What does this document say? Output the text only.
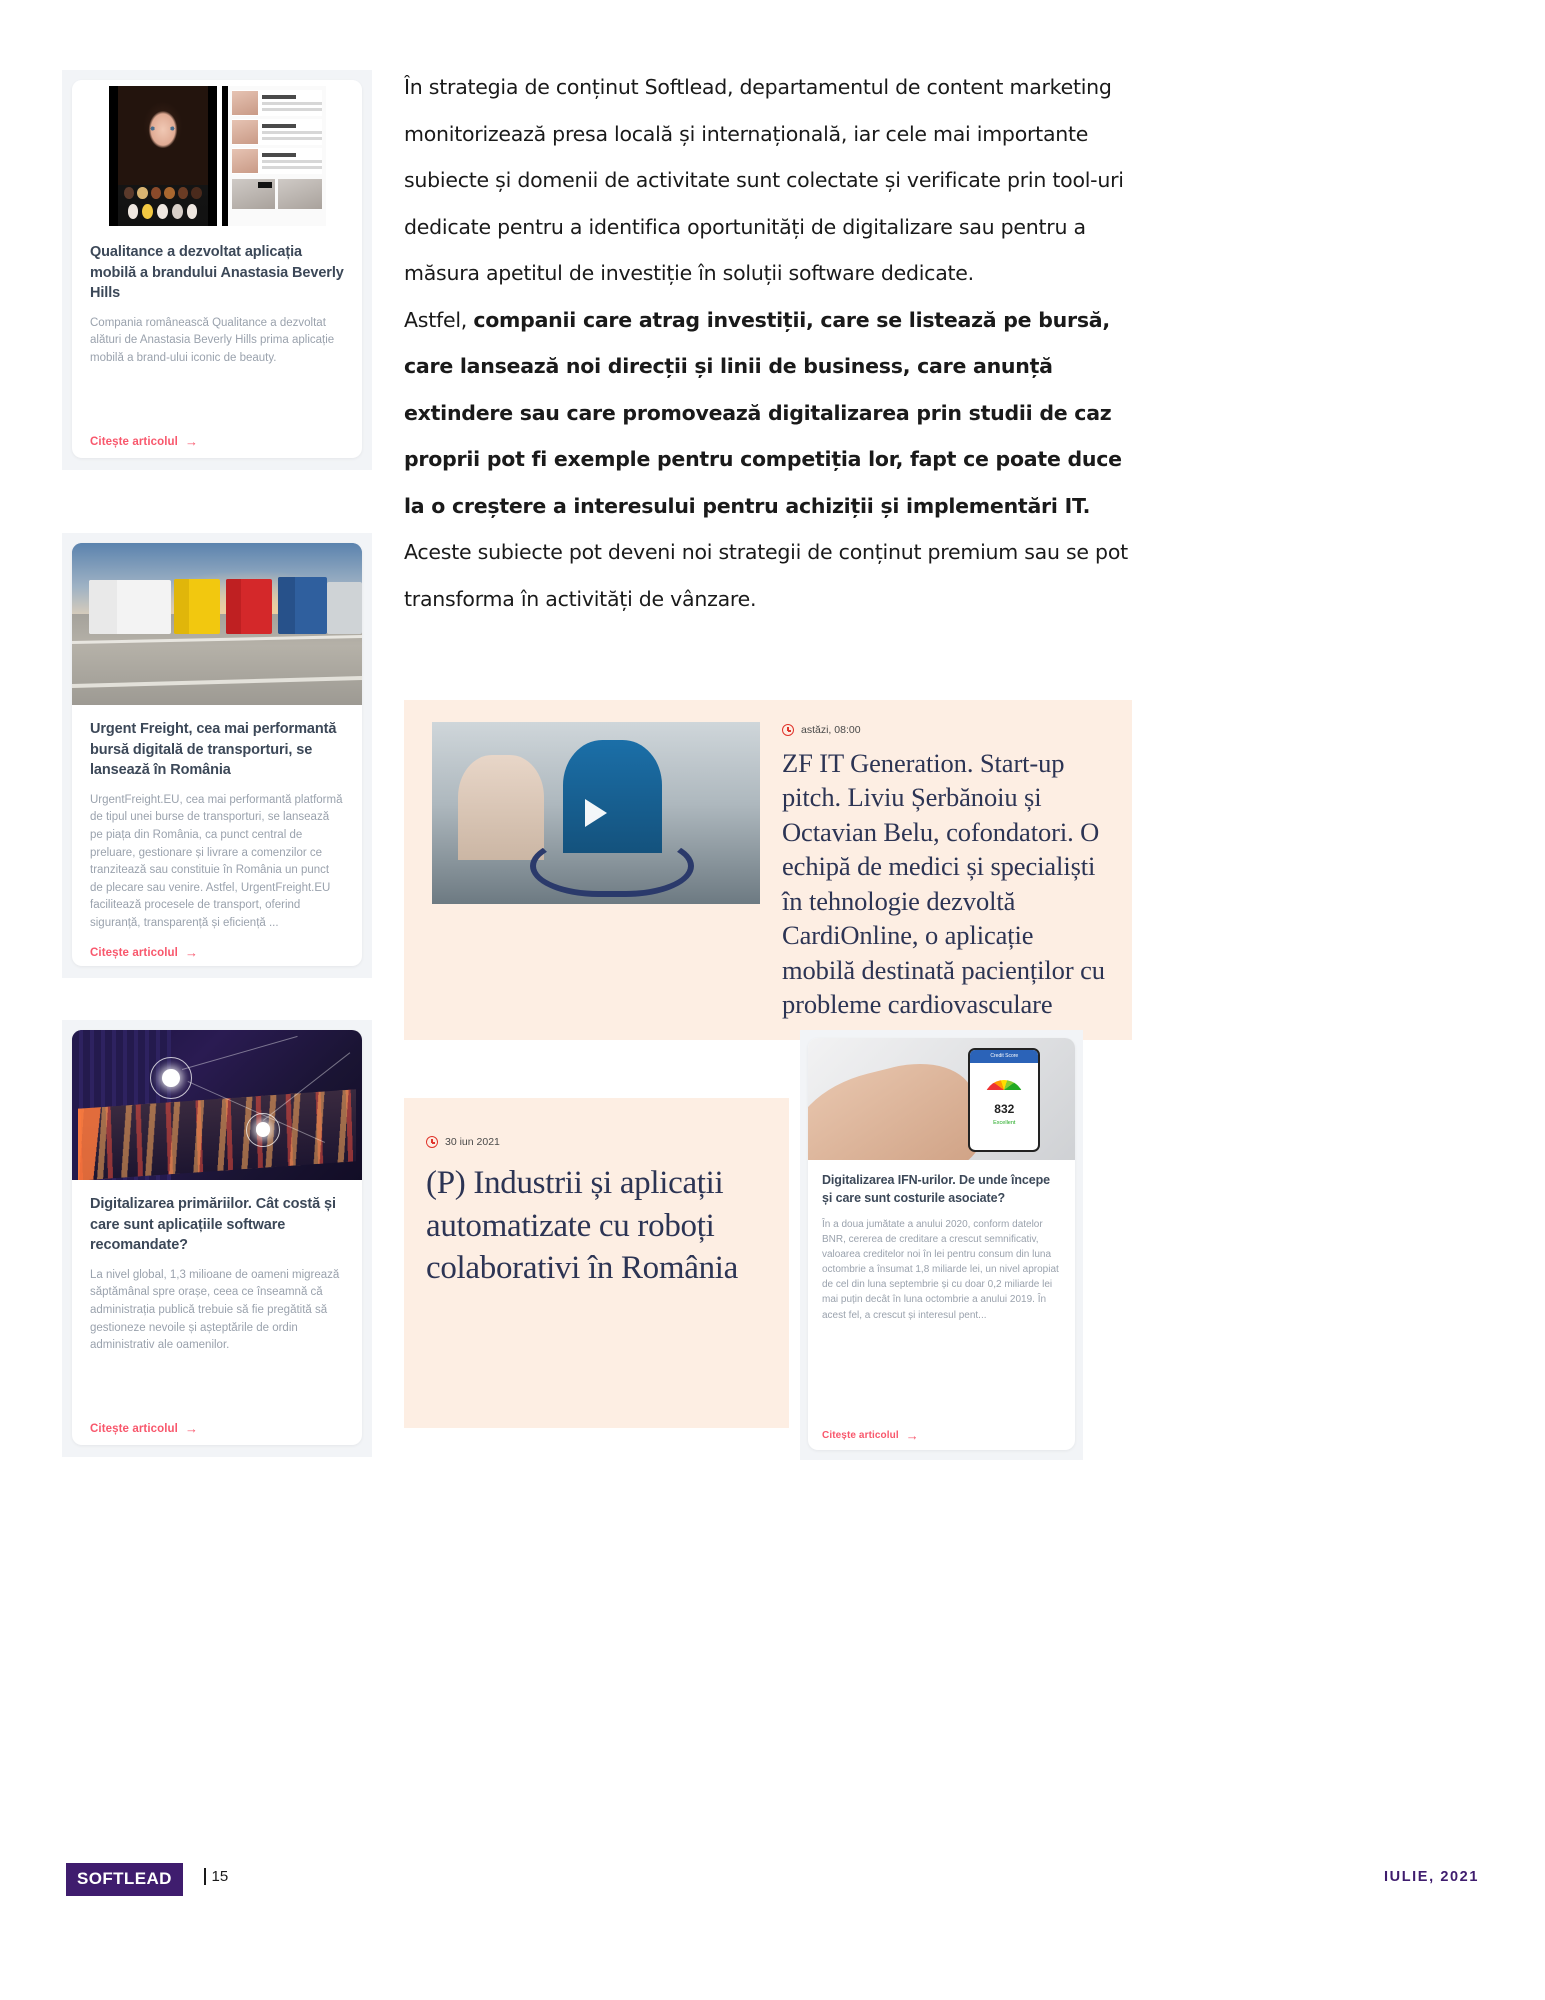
Qualitance a dezvoltat aplicația mobilă a brandului Anastasia Beverly Hills
Compania românească Qualitance a dezvoltat alături de Anastasia Beverly Hills prima aplicație mobilă a brand-ului iconic de beauty.
Citește articolul →
Urgent Freight, cea mai performantă bursă digitală de transporturi, se lansează în România
UrgentFreight.EU, cea mai performantă platformă de tipul unei burse de transporturi, se lansează pe piața din România, ca punct central de preluare, gestionare și livrare a comenzilor ce tranzitează sau constituie în România un punct de plecare sau venire. Astfel, UrgentFreight.EU facilitează procesele de transport, oferind siguranță, transparență și eficiență ...
Citește articolul →
Digitalizarea primăriilor. Cât costă și care sunt aplicațiile software recomandate?
La nivel global, 1,3 milioane de oameni migrează săptămânal spre orașe, ceea ce înseamnă că administrația publică trebuie să fie pregătită să gestioneze nevoile și așteptările de ordin administrativ ale oamenilor.
Citește articolul →

În strategia de conținut Softlead, departamentul de content marketing monitorizează presa locală și internațională, iar cele mai importante subiecte și domenii de activitate sunt colectate și verificate prin tool-uri dedicate pentru a identifica oportunități de digitalizare sau pentru a măsura apetitul de investiție în soluții software dedicate.

Astfel, companii care atrag investiții, care se listează pe bursă, care lansează noi direcții și linii de business, care anunță extindere sau care promovează digitalizarea prin studii de caz proprii pot fi exemple pentru competiția lor, fapt ce poate duce la o creștere a interesului pentru achiziții și implementări IT.

Aceste subiecte pot deveni noi strategii de conținut premium sau se pot transforma în activități de vânzare.

astăzi, 08:00
ZF IT Generation. Start-up pitch. Liviu Șerbănoiu și Octavian Belu, cofondatori. O echipă de medici și specialiști în tehnologie dezvoltă CardiOnline, o aplicație mobilă destinată pacienților cu probleme cardiovasculare
30 iun 2021
(P) Industrii și aplicații automatizate cu roboți colaborativi în România
Credit Score
832
Excellent
Digitalizarea IFN-urilor. De unde începe și care sunt costurile asociate?
În a doua jumătate a anului 2020, conform datelor BNR, cererea de creditare a crescut semnificativ, valoarea creditelor noi în lei pentru consum din luna octombrie a însumat 1,8 miliarde lei, un nivel apropiat de cel din luna septembrie și cu doar 0,2 miliarde lei mai puțin decât în luna octombrie a anului 2019. În acest fel, a crescut și interesul pent...
Citește articolul →
SOFTLEAD	15	IULIE, 2021
